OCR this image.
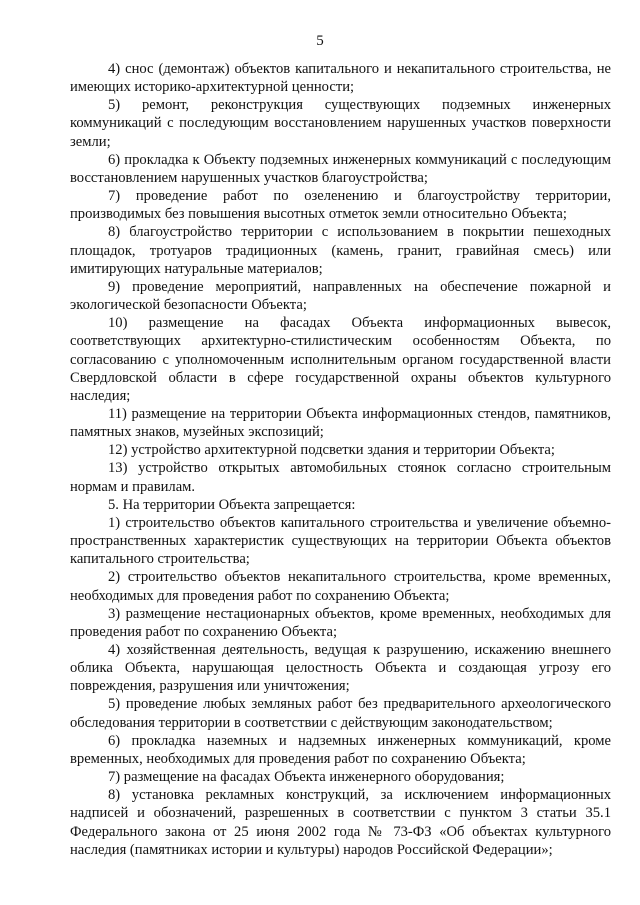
5

4) снос (демонтаж) объектов капитального и некапитального строительства, не имеющих историко-архитектурной ценности;

5) ремонт, реконструкция существующих подземных инженерных коммуникаций с последующим восстановлением нарушенных участков поверхности земли;

6) прокладка к Объекту подземных инженерных коммуникаций с последующим восстановлением нарушенных участков благоустройства;

7) проведение работ по озеленению и благоустройству территории, производимых без повышения высотных отметок земли относительно Объекта;

8) благоустройство территории с использованием в покрытии пешеходных площадок, тротуаров традиционных (камень, гранит, гравийная смесь) или имитирующих натуральные материалов;

9) проведение мероприятий, направленных на обеспечение пожарной и экологической безопасности Объекта;

10) размещение на фасадах Объекта информационных вывесок, соответствующих архитектурно-стилистическим особенностям Объекта, по согласованию с уполномоченным исполнительным органом государственной власти Свердловской области в сфере государственной охраны объектов культурного наследия;

11) размещение на территории Объекта информационных стендов, памятников, памятных знаков, музейных экспозиций;

12) устройство архитектурной подсветки здания и территории Объекта;

13) устройство открытых автомобильных стоянок согласно строительным нормам и правилам.

5. На территории Объекта запрещается:

1) строительство объектов капитального строительства и увеличение объемно-пространственных характеристик существующих на территории Объекта объектов капитального строительства;

2) строительство объектов некапитального строительства, кроме временных, необходимых для проведения работ по сохранению Объекта;

3) размещение нестационарных объектов, кроме временных, необходимых для проведения работ по сохранению Объекта;

4) хозяйственная деятельность, ведущая к разрушению, искажению внешнего облика Объекта, нарушающая целостность Объекта и создающая угрозу его повреждения, разрушения или уничтожения;

5) проведение любых земляных работ без предварительного археологического обследования территории в соответствии с действующим законодательством;

6) прокладка наземных и надземных инженерных коммуникаций, кроме временных, необходимых для проведения работ по сохранению Объекта;

7) размещение на фасадах Объекта инженерного оборудования;

8) установка рекламных конструкций, за исключением информационных надписей и обозначений, разрешенных в соответствии с пунктом 3 статьи 35.1 Федерального закона от 25 июня 2002 года № 73-ФЗ «Об объектах культурного наследия (памятниках истории и культуры) народов Российской Федерации»;
